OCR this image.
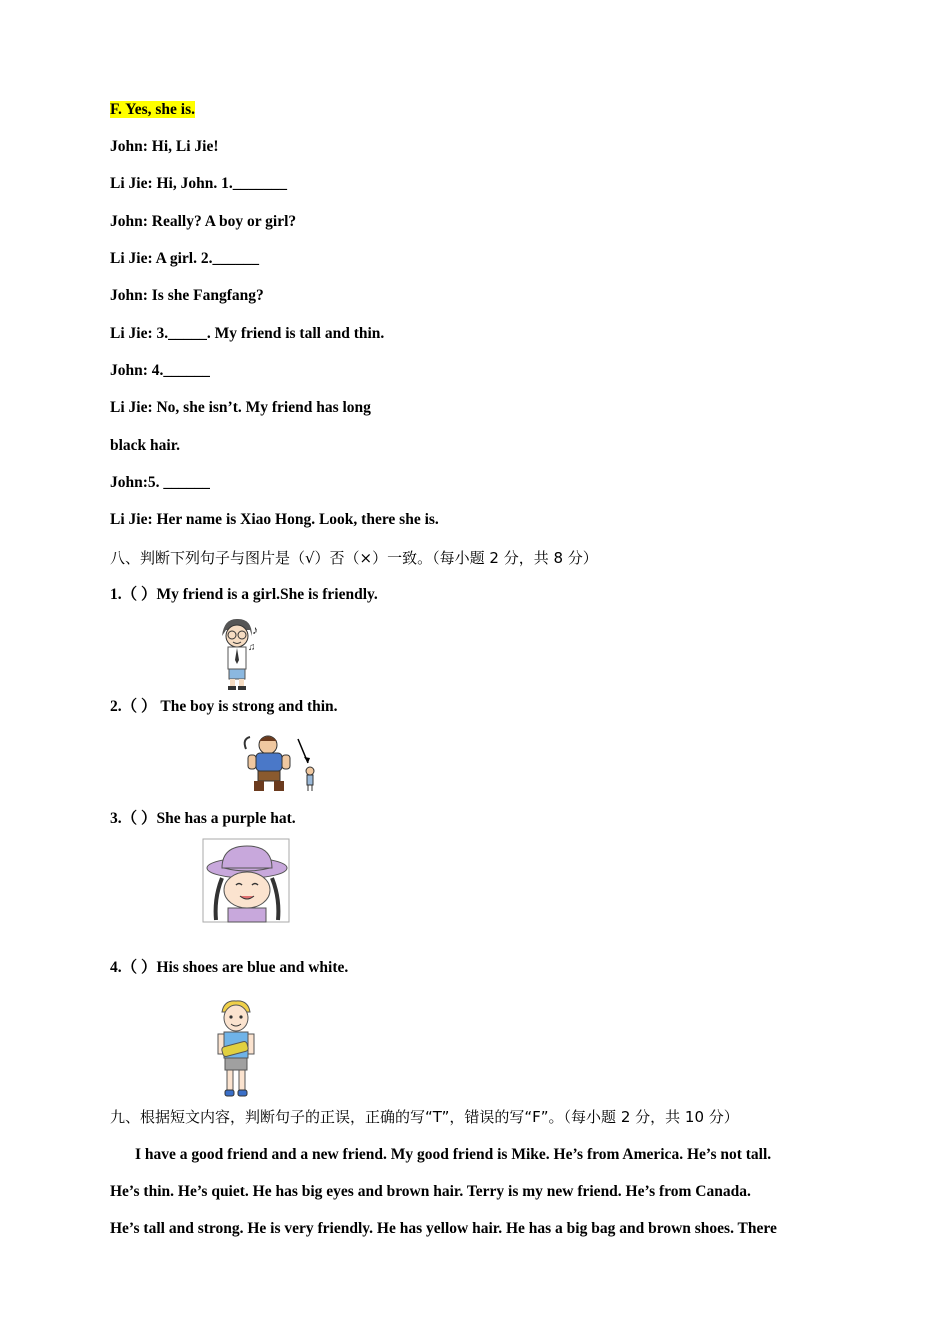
F. Yes, she is.
John: Hi, Li Jie!
Li Jie: Hi, John. 1._______
John: Really? A boy or girl?
Li Jie: A girl. 2.______
John: Is she Fangfang?
Li Jie: 3._____. My friend is tall and thin.
John: 4.______
Li Jie: No, she isn’t. My friend has long
black hair.
John:5. ______
Li Jie: Her name is Xiao Hong. Look, there she is.
八、判断下列句子与图片是（√）否（×）一致。（每小题 2 分，共 8 分）
1.（ ）My friend is a girl.She is friendly.
♪
♫
2.（ ） The boy is strong and thin.
3.（ ）She has a purple hat.
4.（ ）His shoes are blue and white.
九、根据短文内容，判断句子的正误，正确的写“T”，错误的写“F”。（每小题 2 分，共 10 分）
I have a good friend and a new friend. My good friend is Mike. He’s from America. He’s not tall.
He’s thin. He’s quiet. He has big eyes and brown hair. Terry is my new friend. He’s from Canada.
He’s tall and strong. He is very friendly. He has yellow hair. He has a big bag and brown shoes. There
